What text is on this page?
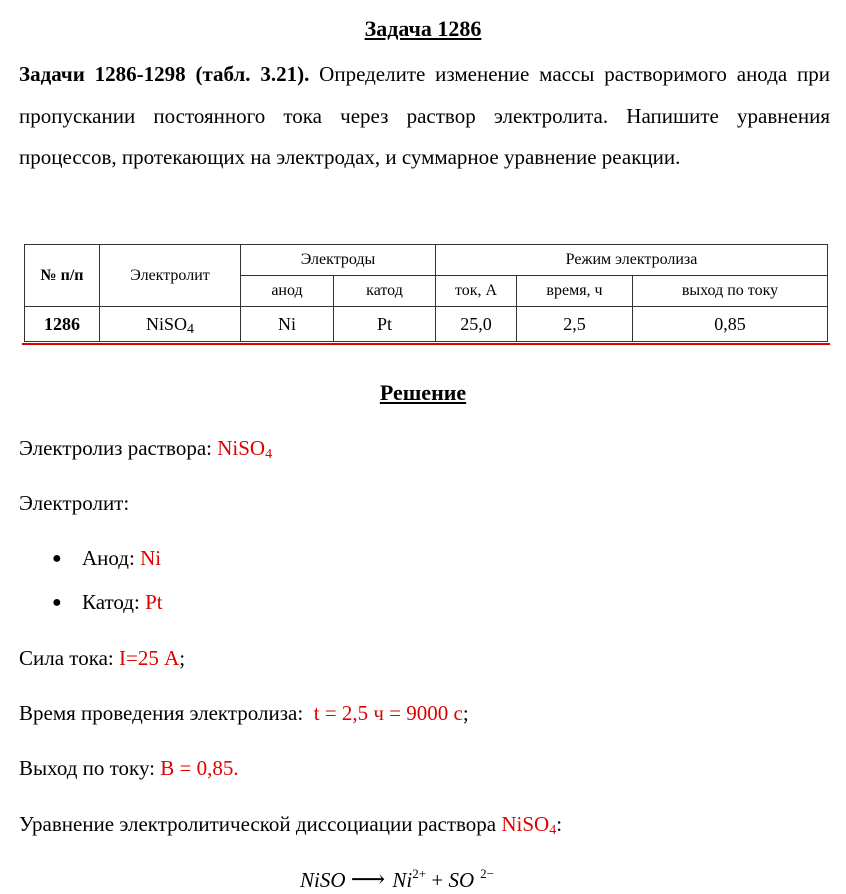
Задача 1286
Задачи 1286-1298 (табл. 3.21). Определите изменение массы растворимого анода при пропускании постоянного тока через раствор электролита. Напишите уравнения процессов, протекающих на электродах, и суммарное уравнение реакции.
№ п/п	Электролит	Электроды		Режим электролиза		
		анод	катод	ток, А	время, ч	выход по току
1286	NiSO$_4$	Ni	Pt	25,0	2,5	0,85
Решение
Электролиз раствора: NiSO$_4$
Электролит:
● Анод: Ni
● Катод: Pt
Сила тока: I=25 А;
Время проведения электролиза:  t = 2,5 ч = 9000 с;
Выход по току: В = 0,85.
Уравнение электролитической диссоциации раствора NiSO$_4$:
NiSO ⟶ $Ni^{2+}$ + SO $^{2-}$
